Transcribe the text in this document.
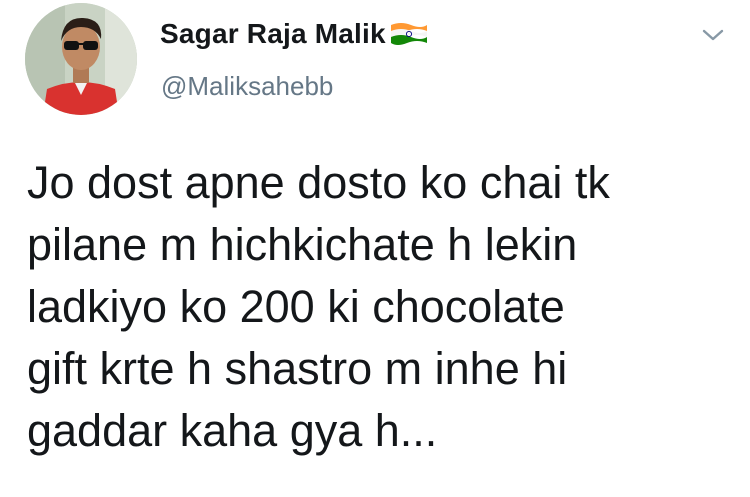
Sagar Raja Malik
@Maliksahebb

Jo dost apne dosto ko chai tk
pilane m hichkichate h lekin
ladkiyo ko 200 ki chocolate
gift krte h shastro m inhe hi
gaddar kaha gya h...
